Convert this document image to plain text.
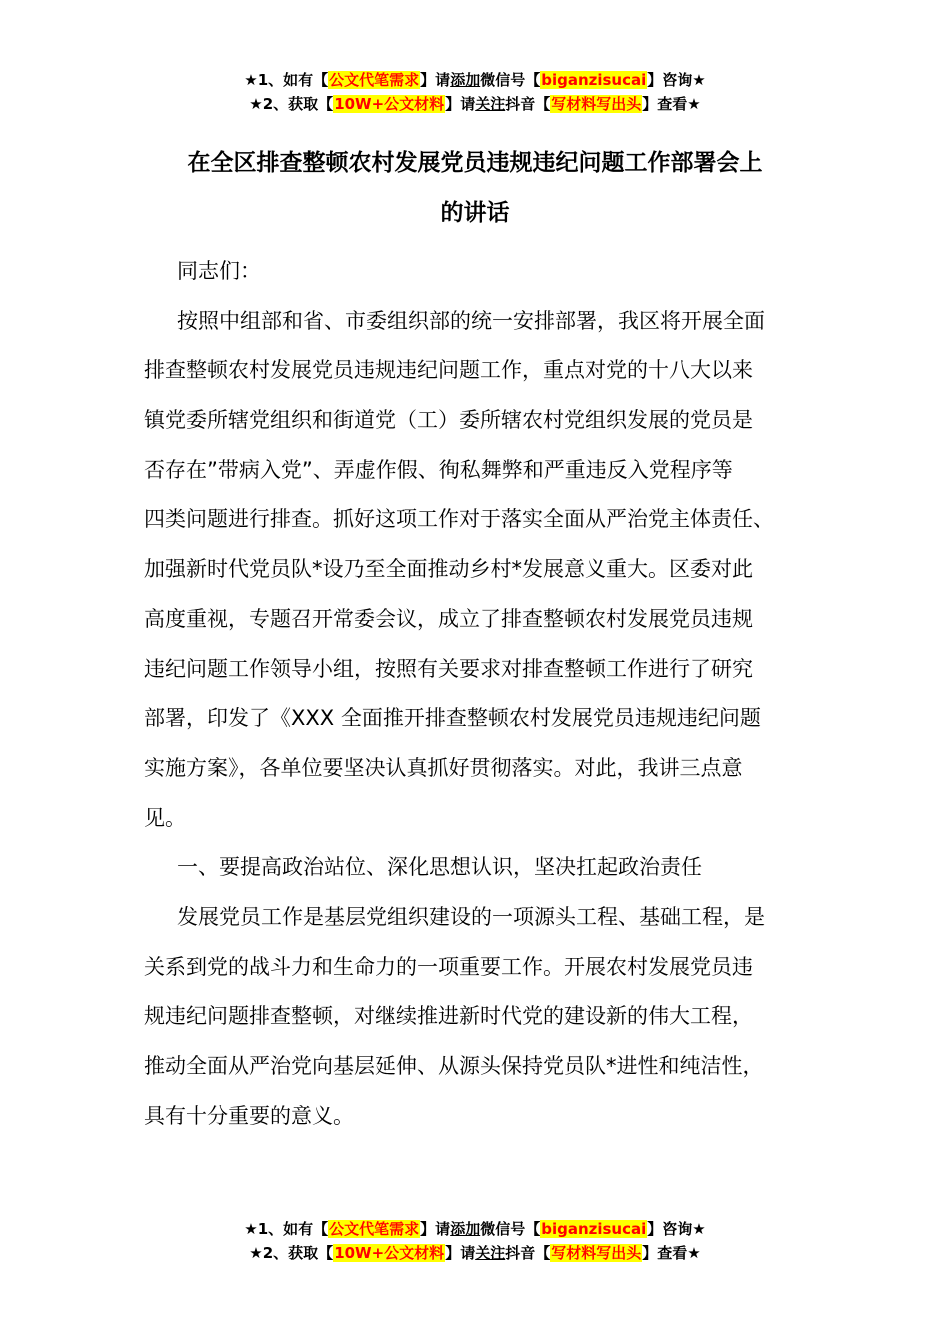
★1、如有【公文代笔需求】请添加微信号【biganzisucai】咨询★
★2、获取【10W+公文材料】请关注抖音【写材料写出头】查看★
在全区排查整顿农村发展党员违规违纪问题工作部署会上
的讲话
同志们：
按照中组部和省、市委组织部的统一安排部署，我区将开展全面
排查整顿农村发展党员违规违纪问题工作，重点对党的十八大以来
镇党委所辖党组织和街道党（工）委所辖农村党组织发展的党员是
否存在”带病入党”、弄虚作假、徇私舞弊和严重违反入党程序等
四类问题进行排查。抓好这项工作对于落实全面从严治党主体责任、
加强新时代党员队*设乃至全面推动乡村*发展意义重大。区委对此
高度重视，专题召开常委会议，成立了排查整顿农村发展党员违规
违纪问题工作领导小组，按照有关要求对排查整顿工作进行了研究
部署，印发了《XXX 全面推开排查整顿农村发展党员违规违纪问题
实施方案》，各单位要坚决认真抓好贯彻落实。对此，我讲三点意
见。
一、要提高政治站位、深化思想认识，坚决扛起政治责任
发展党员工作是基层党组织建设的一项源头工程、基础工程，是
关系到党的战斗力和生命力的一项重要工作。开展农村发展党员违
规违纪问题排查整顿，对继续推进新时代党的建设新的伟大工程，
推动全面从严治党向基层延伸、从源头保持党员队*进性和纯洁性，
具有十分重要的意义。
★1、如有【公文代笔需求】请添加微信号【biganzisucai】咨询★
★2、获取【10W+公文材料】请关注抖音【写材料写出头】查看★
